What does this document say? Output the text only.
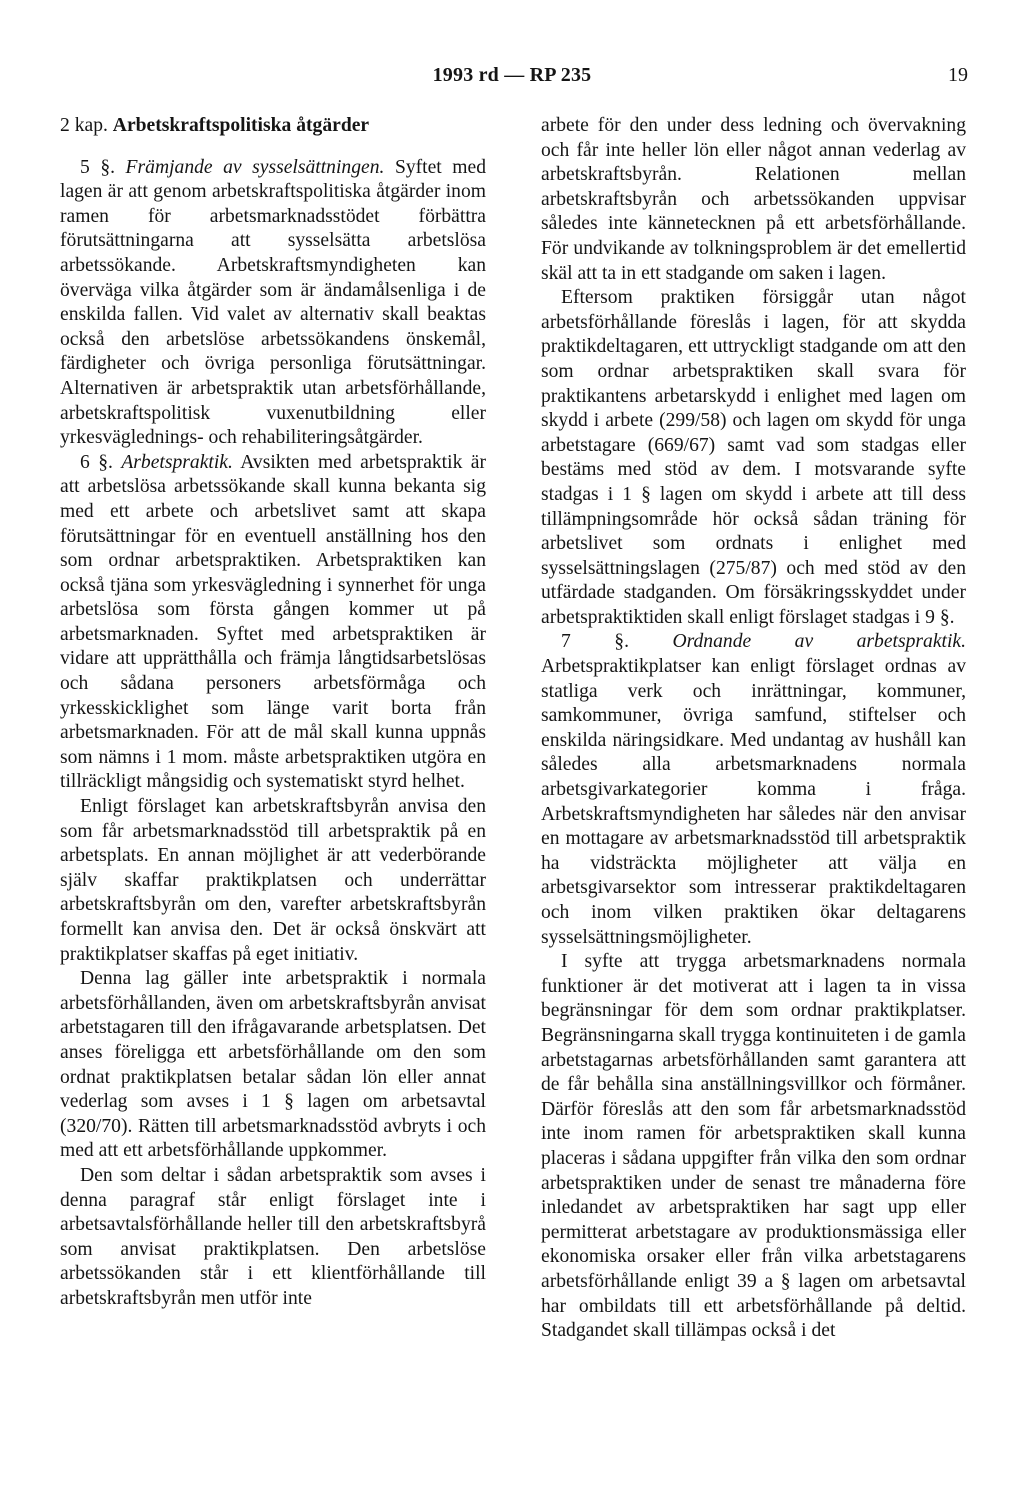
1993 rd — RP 235	19
2 kap. Arbetskraftspolitiska åtgärder

5 §. Främjande av sysselsättningen. Syftet med lagen är att genom arbetskraftspolitiska åtgärder inom ramen för arbetsmarknadsstödet förbättra förutsättningarna att sysselsätta arbetslösa arbetssökande. Arbetskraftsmyndigheten kan överväga vilka åtgärder som är ändamålsenliga i de enskilda fallen. Vid valet av alternativ skall beaktas också den arbetslöse arbetssökandens önskemål, färdigheter och övriga personliga förutsättningar. Alternativen är arbetspraktik utan arbetsförhållande, arbetskraftspolitisk vuxenutbildning eller yrkesväglednings- och rehabiliteringsåtgärder.

6 §. Arbetspraktik. Avsikten med arbetspraktik är att arbetslösa arbetssökande skall kunna bekanta sig med ett arbete och arbetslivet samt att skapa förutsättningar för en eventuell anställning hos den som ordnar arbetspraktiken. Arbetspraktiken kan också tjäna som yrkesvägledning i synnerhet för unga arbetslösa som första gången kommer ut på arbetsmarknaden. Syftet med arbetspraktiken är vidare att upprätthålla och främja långtidsarbetslösas och sådana personers arbetsförmåga och yrkesskicklighet som länge varit borta från arbetsmarknaden. För att de mål skall kunna uppnås som nämns i 1 mom. måste arbetspraktiken utgöra en tillräckligt mångsidig och systematiskt styrd helhet.

Enligt förslaget kan arbetskraftsbyrån anvisa den som får arbetsmarknadsstöd till arbetspraktik på en arbetsplats. En annan möjlighet är att vederbörande själv skaffar praktikplatsen och underrättar arbetskraftsbyrån om den, varefter arbetskraftsbyrån formellt kan anvisa den. Det är också önskvärt att praktikplatser skaffas på eget initiativ.

Denna lag gäller inte arbetspraktik i normala arbetsförhållanden, även om arbetskraftsbyrån anvisat arbetstagaren till den ifrågavarande arbetsplatsen. Det anses föreligga ett arbetsförhållande om den som ordnat praktikplatsen betalar sådan lön eller annat vederlag som avses i 1 § lagen om arbetsavtal (320/70). Rätten till arbetsmarknadsstöd avbryts i och med att ett arbetsförhållande uppkommer.

Den som deltar i sådan arbetspraktik som avses i denna paragraf står enligt förslaget inte i arbetsavtalsförhållande heller till den arbetskraftsbyrå som anvisat praktikplatsen. Den arbetslöse arbetssökanden står i ett klientförhållande till arbetskraftsbyrån men utför inte

arbete för den under dess ledning och övervakning och får inte heller lön eller något annan vederlag av arbetskraftsbyrån. Relationen mellan arbetskraftsbyrån och arbetssökanden uppvisar således inte kännetecknen på ett arbetsförhållande. För undvikande av tolkningsproblem är det emellertid skäl att ta in ett stadgande om saken i lagen.

Eftersom praktiken försiggår utan något arbetsförhållande föreslås i lagen, för att skydda praktikdeltagaren, ett uttryckligt stadgande om att den som ordnar arbetspraktiken skall svara för praktikantens arbetarskydd i enlighet med lagen om skydd i arbete (299/58) och lagen om skydd för unga arbetstagare (669/67) samt vad som stadgas eller bestäms med stöd av dem. I motsvarande syfte stadgas i 1 § lagen om skydd i arbete att till dess tillämpningsområde hör också sådan träning för arbetslivet som ordnats i enlighet med sysselsättningslagen (275/87) och med stöd av den utfärdade stadganden. Om försäkringsskyddet under arbetspraktiktiden skall enligt förslaget stadgas i 9 §.

7 §. Ordnande av arbetspraktik. Arbetspraktikplatser kan enligt förslaget ordnas av statliga verk och inrättningar, kommuner, samkommuner, övriga samfund, stiftelser och enskilda näringsidkare. Med undantag av hushåll kan således alla arbetsmarknadens normala arbetsgivarkategorier komma i fråga. Arbetskraftsmyndigheten har således när den anvisar en mottagare av arbetsmarknadsstöd till arbetspraktik ha vidsträckta möjligheter att välja en arbetsgivarsektor som intresserar praktikdeltagaren och inom vilken praktiken ökar deltagarens sysselsättningsmöjligheter.

I syfte att trygga arbetsmarknadens normala funktioner är det motiverat att i lagen ta in vissa begränsningar för dem som ordnar praktikplatser. Begränsningarna skall trygga kontinuiteten i de gamla arbetstagarnas arbetsförhållanden samt garantera att de får behålla sina anställningsvillkor och förmåner. Därför föreslås att den som får arbetsmarknadsstöd inte inom ramen för arbetspraktiken skall kunna placeras i sådana uppgifter från vilka den som ordnar arbetspraktiken under de senast tre månaderna före inledandet av arbetspraktiken har sagt upp eller permitterat arbetstagare av produktionsmässiga eller ekonomiska orsaker eller från vilka arbetstagarens arbetsförhållande enligt 39 a § lagen om arbetsavtal har ombildats till ett arbetsförhållande på deltid. Stadgandet skall tillämpas också i det
